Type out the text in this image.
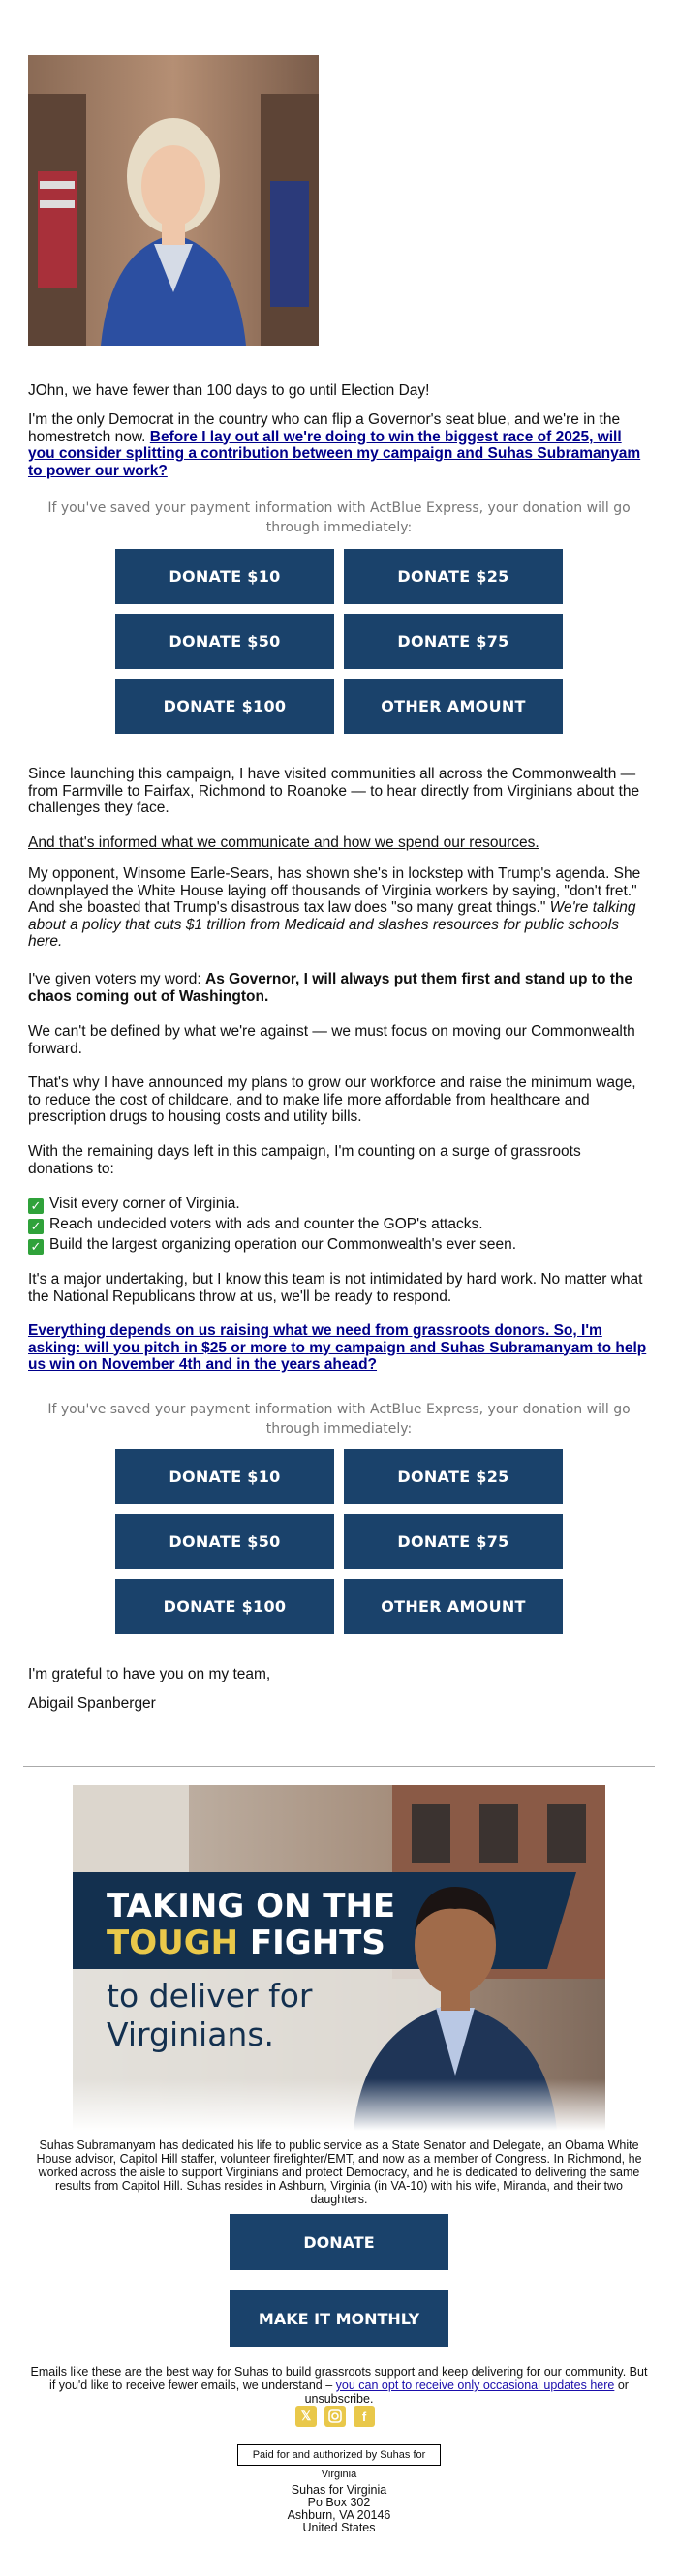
JOhn, we have fewer than 100 days to go until Election Day!
I'm the only Democrat in the country who can flip a Governor's seat blue, and we're in the homestretch now. Before I lay out all we're doing to win the biggest race of 2025, will you consider splitting a contribution between my campaign and Suhas Subramanyam to power our work?
If you've saved your payment information with ActBlue Express, your donation will go through immediately:
DONATE $10	DONATE $25
DONATE $50	DONATE $75
DONATE $100	OTHER AMOUNT
Since launching this campaign, I have visited communities all across the Commonwealth — from Farmville to Fairfax, Richmond to Roanoke — to hear directly from Virginians about the challenges they face.
And that's informed what we communicate and how we spend our resources.
My opponent, Winsome Earle-Sears, has shown she's in lockstep with Trump's agenda. She downplayed the White House laying off thousands of Virginia workers by saying, "don't fret." And she boasted that Trump's disastrous tax law does "so many great things." We're talking about a policy that cuts $1 trillion from Medicaid and slashes resources for public schools here.
I've given voters my word: As Governor, I will always put them first and stand up to the chaos coming out of Washington.
We can't be defined by what we're against — we must focus on moving our Commonwealth forward.
That's why I have announced my plans to grow our workforce and raise the minimum wage, to reduce the cost of childcare, and to make life more affordable from healthcare and prescription drugs to housing costs and utility bills.
With the remaining days left in this campaign, I'm counting on a surge of grassroots donations to:
✓ Visit every corner of Virginia.
✓ Reach undecided voters with ads and counter the GOP's attacks.
✓ Build the largest organizing operation our Commonwealth's ever seen.
It's a major undertaking, but I know this team is not intimidated by hard work. No matter what the National Republicans throw at us, we'll be ready to respond.
Everything depends on us raising what we need from grassroots donors. So, I'm asking: will you pitch in $25 or more to my campaign and Suhas Subramanyam to help us win on November 4th and in the years ahead?
If you've saved your payment information with ActBlue Express, your donation will go through immediately:
DONATE $10	DONATE $25
DONATE $50	DONATE $75
DONATE $100	OTHER AMOUNT
I'm grateful to have you on my team,
Abigail Spanberger
TAKING ON THE
TOUGH FIGHTS
to deliver for
Virginians.
Suhas Subramanyam has dedicated his life to public service as a State Senator and Delegate, an Obama White House advisor, Capitol Hill staffer, volunteer firefighter/EMT, and now as a member of Congress. In Richmond, he worked across the aisle to support Virginians and protect Democracy, and he is dedicated to delivering the same results from Capitol Hill. Suhas resides in Ashburn, Virginia (in VA-10) with his wife, Miranda, and their two daughters.
DONATE
MAKE IT MONTHLY
Emails like these are the best way for Suhas to build grassroots support and keep delivering for our community. But if you'd like to receive fewer emails, we understand – you can opt to receive only occasional updates here or unsubscribe.
𝕏	f
Paid for and authorized by Suhas for Virginia
Suhas for Virginia
Po Box 302
Ashburn, VA 20146
United States
